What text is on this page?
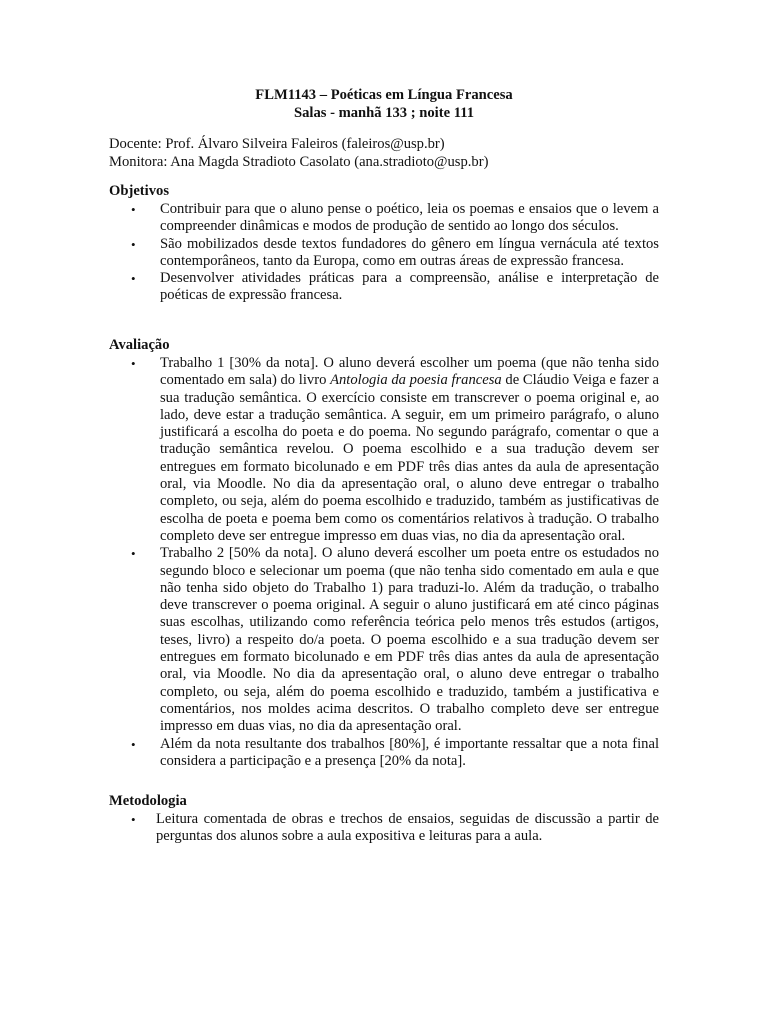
FLM1143 – Poéticas em Língua Francesa
Salas - manhã 133 ; noite 111
Docente: Prof. Álvaro Silveira Faleiros (faleiros@usp.br)
Monitora: Ana Magda Stradioto Casolato (ana.stradioto@usp.br)
Objetivos
• Contribuir para que o aluno pense o poético, leia os poemas e ensaios que o levem a compreender dinâmicas e modos de produção de sentido ao longo dos séculos.
• São mobilizados desde textos fundadores do gênero em língua vernácula até textos contemporâneos, tanto da Europa, como em outras áreas de expressão francesa.
• Desenvolver atividades práticas para a compreensão, análise e interpretação de poéticas de expressão francesa.
Avaliação
• Trabalho 1 [30% da nota]. O aluno deverá escolher um poema (que não tenha sido comentado em sala) do livro Antologia da poesia francesa de Cláudio Veiga e fazer a sua tradução semântica. O exercício consiste em transcrever o poema original e, ao lado, deve estar a tradução semântica. A seguir, em um primeiro parágrafo, o aluno justificará a escolha do poeta e do poema. No segundo parágrafo, comentar o que a tradução semântica revelou. O poema escolhido e a sua tradução devem ser entregues em formato bicolunado e em PDF três dias antes da aula de apresentação oral, via Moodle. No dia da apresentação oral, o aluno deve entregar o trabalho completo, ou seja, além do poema escolhido e traduzido, também as justificativas de escolha de poeta e poema bem como os comentários relativos à tradução. O trabalho completo deve ser entregue impresso em duas vias, no dia da apresentação oral.
• Trabalho 2 [50% da nota]. O aluno deverá escolher um poeta entre os estudados no segundo bloco e selecionar um poema (que não tenha sido comentado em aula e que não tenha sido objeto do Trabalho 1) para traduzi-lo. Além da tradução, o trabalho deve transcrever o poema original. A seguir o aluno justificará em até cinco páginas suas escolhas, utilizando como referência teórica pelo menos três estudos (artigos, teses, livro) a respeito do/a poeta. O poema escolhido e a sua tradução devem ser entregues em formato bicolunado e em PDF três dias antes da aula de apresentação oral, via Moodle. No dia da apresentação oral, o aluno deve entregar o trabalho completo, ou seja, além do poema escolhido e traduzido, também a justificativa e comentários, nos moldes acima descritos. O trabalho completo deve ser entregue impresso em duas vias, no dia da apresentação oral.
• Além da nota resultante dos trabalhos [80%], é importante ressaltar que a nota final considera a participação e a presença [20% da nota].
Metodologia
• Leitura comentada de obras e trechos de ensaios, seguidas de discussão a partir de perguntas dos alunos sobre a aula expositiva e leituras para a aula.
